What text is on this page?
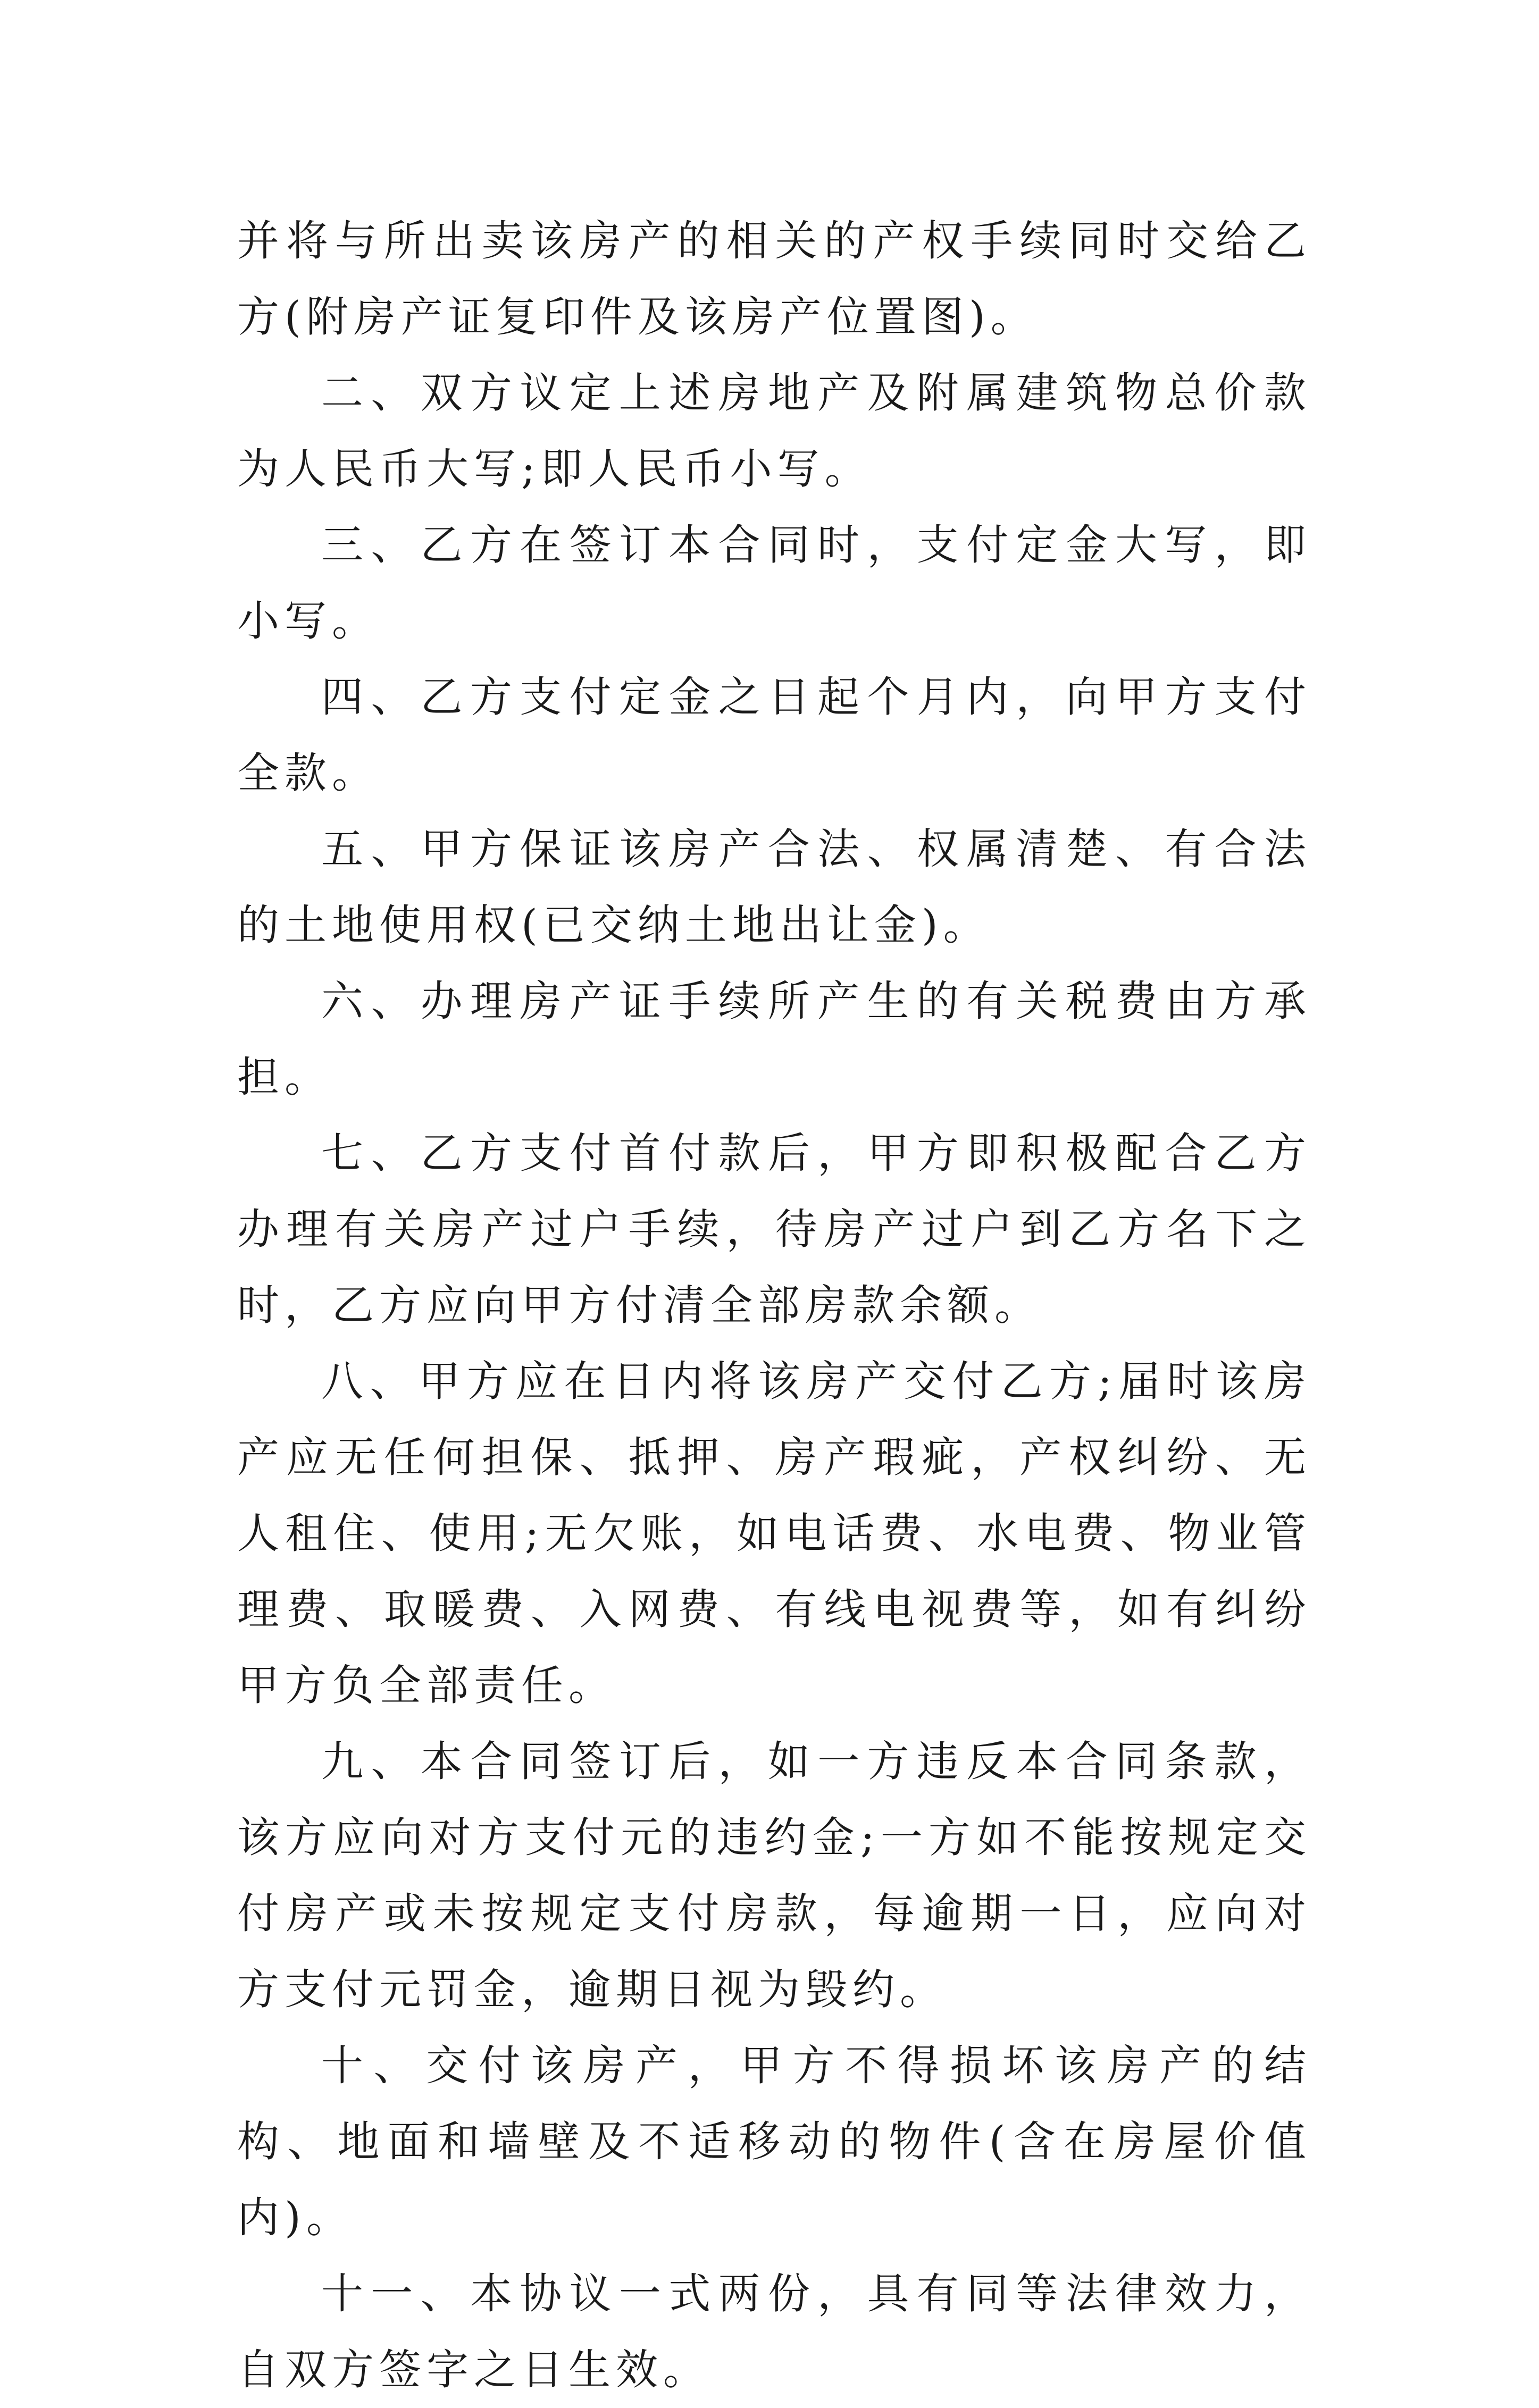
并将与所出卖该房产的相关的产权手续同时交给乙方(附房产证复印件及该房产位置图)。

二、双方议定上述房地产及附属建筑物总价款为人民币大写;即人民币小写。

三、乙方在签订本合同时，支付定金大写，即小写。

四、乙方支付定金之日起个月内，向甲方支付全款。

五、甲方保证该房产合法、权属清楚、有合法的土地使用权(已交纳土地出让金)。

六、办理房产证手续所产生的有关税费由方承担。

七、乙方支付首付款后，甲方即积极配合乙方办理有关房产过户手续，待房产过户到乙方名下之时，乙方应向甲方付清全部房款余额。

八、甲方应在日内将该房产交付乙方;届时该房产应无任何担保、抵押、房产瑕疵，产权纠纷、无人租住、使用;无欠账，如电话费、水电费、物业管理费、取暖费、入网费、有线电视费等，如有纠纷甲方负全部责任。

九、本合同签订后，如一方违反本合同条款，该方应向对方支付元的违约金;一方如不能按规定交付房产或未按规定支付房款，每逾期一日，应向对方支付元罚金，逾期日视为毁约。

十、交付该房产，甲方不得损坏该房产的结构、地面和墙壁及不适移动的物件(含在房屋价值内)。

十一、本协议一式两份，具有同等法律效力，自双方签字之日生效。
